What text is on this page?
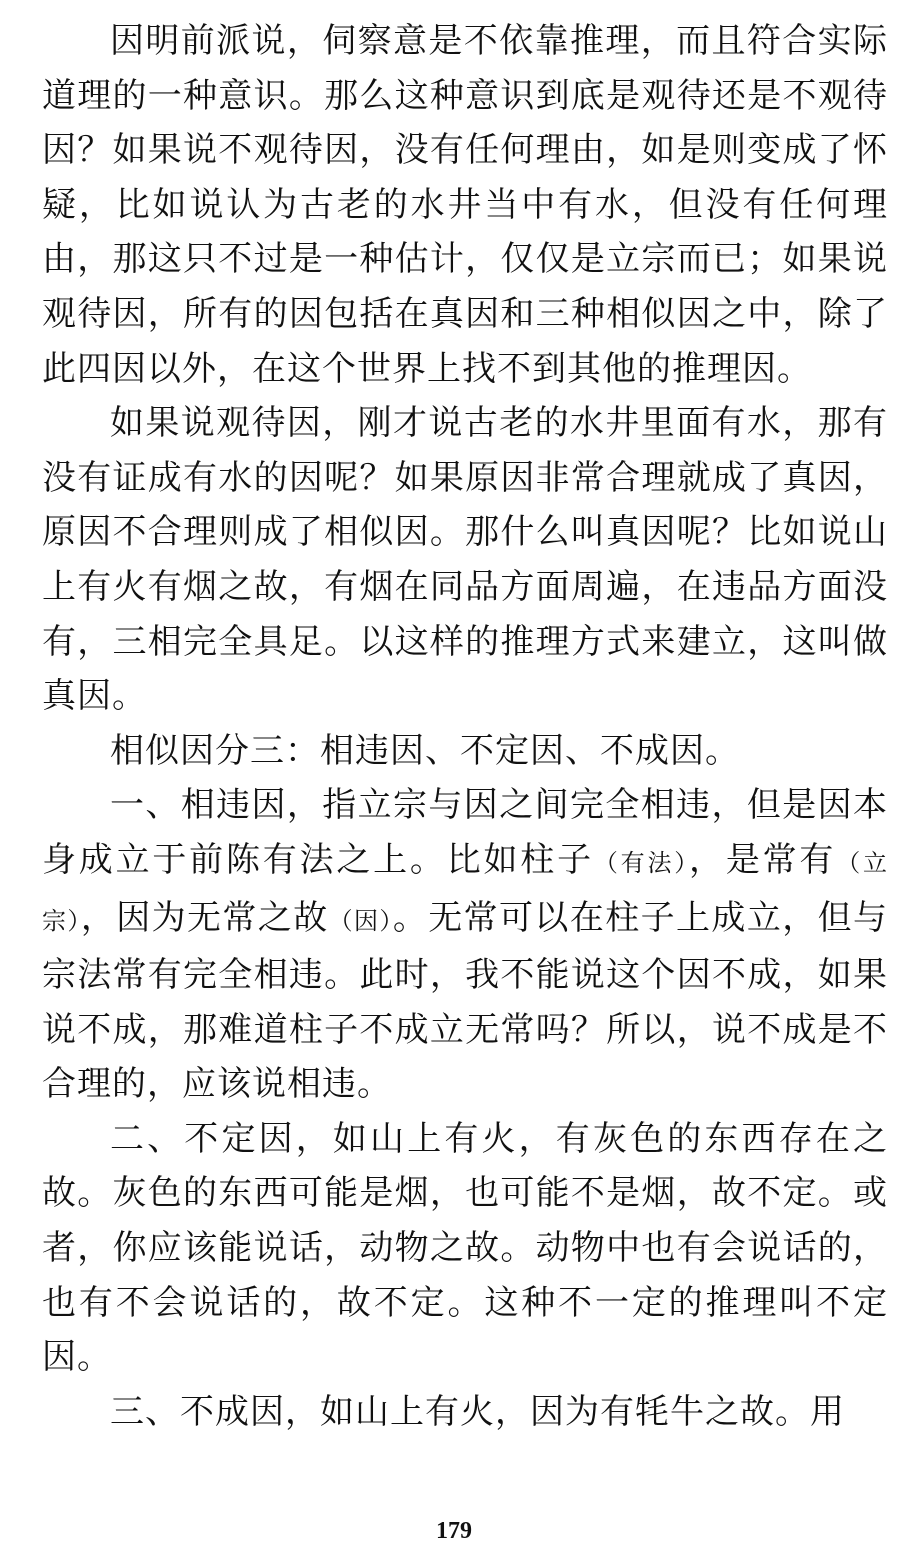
因明前派说，伺察意是不依靠推理，而且符合实际道理的一种意识。那么这种意识到底是观待还是不观待因？如果说不观待因，没有任何理由，如是则变成了怀疑，比如说认为古老的水井当中有水，但没有任何理由，那这只不过是一种估计，仅仅是立宗而已；如果说观待因，所有的因包括在真因和三种相似因之中，除了此四因以外，在这个世界上找不到其他的推理因。

如果说观待因，刚才说古老的水井里面有水，那有没有证成有水的因呢？如果原因非常合理就成了真因，原因不合理则成了相似因。那什么叫真因呢？比如说山上有火有烟之故，有烟在同品方面周遍，在违品方面没有，三相完全具足。以这样的推理方式来建立，这叫做真因。

相似因分三：相违因、不定因、不成因。

一、相违因，指立宗与因之间完全相违，但是因本身成立于前陈有法之上。比如柱子（有法），是常有（立宗），因为无常之故（因）。无常可以在柱子上成立，但与宗法常有完全相违。此时，我不能说这个因不成，如果说不成，那难道柱子不成立无常吗？所以，说不成是不合理的，应该说相违。

二、不定因，如山上有火，有灰色的东西存在之故。灰色的东西可能是烟，也可能不是烟，故不定。或者，你应该能说话，动物之故。动物中也有会说话的，也有不会说话的，故不定。这种不一定的推理叫不定因。

三、不成因，如山上有火，因为有牦牛之故。用

179
